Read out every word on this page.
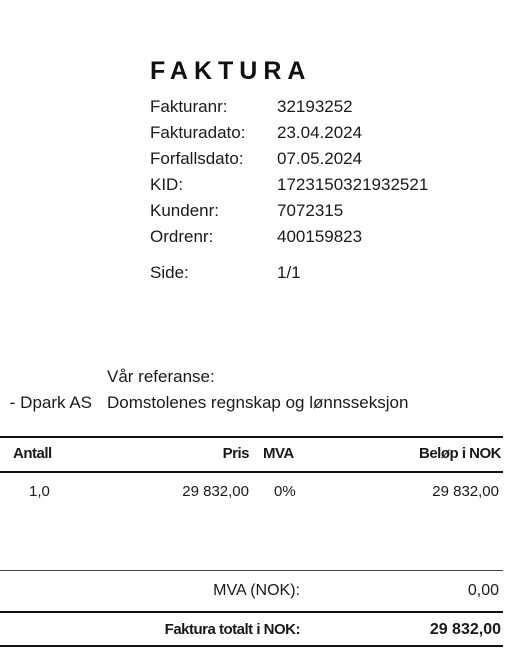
FAKTURA
Fakturanr:	32193252
Fakturadato:	23.04.2024
Forfallsdato:	07.05.2024
KID:	1723150321932521
Kundenr:	7072315
Ordrenr:	400159823
Side:	1/1
Vår referanse:
- Dpark AS Domstolenes regnskap og lønnsseksjon
Antall	Pris MVA	Beløp i NOK
1,0	29 832,00 0%	29 832,00
MVA (NOK):	0,00
Faktura totalt i NOK:	29 832,00
